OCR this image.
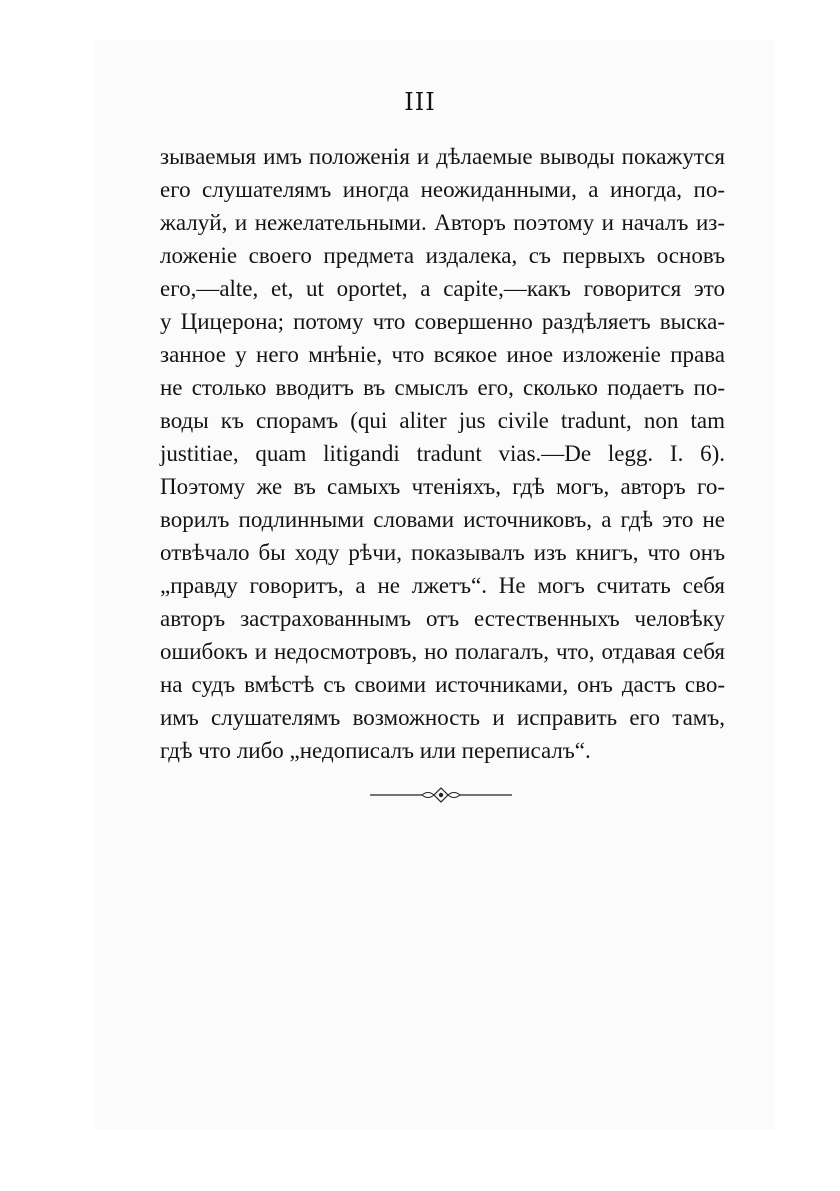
III
зываемыя имъ положенія и дѣлаемые выводы покажутся
его слушателямъ иногда неожиданными, а иногда, по-
жалуй, и нежелательными. Авторъ поэтому и началъ из-
ложеніе своего предмета издалека, съ первыхъ основъ
его,—alte, et, ut oportet, a capite,—какъ говорится это
у Цицерона; потому что совершенно раздѣляетъ выска-
занное у него мнѣніе, что всякое иное изложеніе права
не столько вводитъ въ смыслъ его, сколько подаетъ по-
воды къ спорамъ (qui aliter jus civile tradunt, non tam
justitiae, quam litigandi tradunt vias.—De legg. I. 6).
Поэтому же въ самыхъ чтеніяхъ, гдѣ могъ, авторъ го-
ворилъ подлинными словами источниковъ, а гдѣ это не
отвѣчало бы ходу рѣчи, показывалъ изъ книгъ, что онъ
„правду говоритъ, а не лжетъ“. Не могъ считать себя
авторъ застрахованнымъ отъ естественныхъ человѣку
ошибокъ и недосмотровъ, но полагалъ, что, отдавая себя
на судъ вмѣстѣ съ своими источниками, онъ дастъ сво-
имъ слушателямъ возможность и исправить его тамъ,
гдѣ что либо „недописалъ или переписалъ“.
